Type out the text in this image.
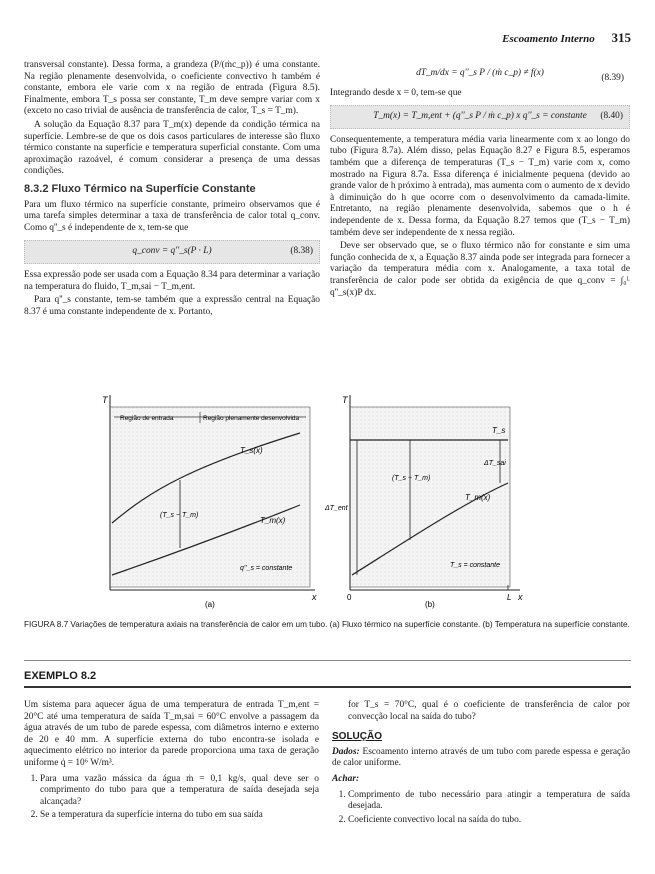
Escoamento Interno 315

transversal constante). Dessa forma, a grandeza (P/(ṁc_p)) é uma constante. Na região plenamente desenvolvida, o coeficiente convectivo h também é constante, embora ele varie com x na região de entrada (Figura 8.5). Finalmente, embora T_s possa ser constante, T_m deve sempre variar com x (exceto no caso trivial de ausência de transferência de calor, T_s = T_m).

A solução da Equação 8.37 para T_m(x) depende da condição térmica na superfície. Lembre-se de que os dois casos particulares de interesse são fluxo térmico constante na superfície e temperatura superficial constante. Com uma aproximação razoável, é comum considerar a presença de uma dessas condições.

8.3.2 Fluxo Térmico na Superfície Constante

Para um fluxo térmico na superfície constante, primeiro observamos que é uma tarefa simples determinar a taxa de transferência de calor total q_conv. Como q''_s é independente de x, tem-se que

q_conv = q''_s(P · L)	(8.38)

Essa expressão pode ser usada com a Equação 8.34 para determinar a variação na temperatura do fluido, T_m,sai − T_m,ent.

Para q''_s constante, tem-se também que a expressão central na Equação 8.37 é uma constante independente de x. Portanto,

dT_m/dx = q''_s P / (ṁ c_p) ≠ f(x)	(8.39)

Integrando desde x = 0, tem-se que

T_m(x) = T_m,ent + (q''_s P / ṁ c_p) x q''_s = constante (8.40)

Consequentemente, a temperatura média varia linearmente com x ao longo do tubo (Figura 8.7a). Além disso, pelas Equação 8.27 e Figura 8.5, esperamos também que a diferença de temperaturas (T_s − T_m) varie com x, como mostrado na Figura 8.7a. Essa diferença é inicialmente pequena (devido ao grande valor de h próximo à entrada), mas aumenta com o aumento de x devido à diminuição do h que ocorre com o desenvolvimento da camada-limite. Entretanto, na região plenamente desenvolvida, sabemos que o h é independente de x. Dessa forma, da Equação 8.27 temos que (T_s − T_m) também deve ser independente de x nessa região.

Deve ser observado que, se o fluxo térmico não for constante e sim uma função conhecida de x, a Equação 8.37 ainda pode ser integrada para fornecer a variação da temperatura média com x. Analogamente, a taxa total de transferência de calor pode ser obtida da exigência de que q_conv = ∫₀ᴸ q''_s(x)P dx.

T
x
Região de entrada	Região plenamente desenvolvida
T_s(x)
T_m(x)
(T_s − T_m)
q''_s = constante
(a)
T
x
T_s
T_m(x)
ΔT_ent
ΔT_sai
(T_s − T_m)
T_s = constante
0	L
(b)
FIGURA 8.7 Variações de temperatura axiais na transferência de calor em um tubo. (a) Fluxo térmico na superfície constante. (b) Temperatura na superfície constante.
EXEMPLO 8.2

Um sistema para aquecer água de uma temperatura de entrada T_m,ent = 20°C até uma temperatura de saída T_m,sai = 60°C envolve a passagem da água através de um tubo de parede espessa, com diâmetros interno e externo de 20 e 40 mm. A superfície externa do tubo encontra-se isolada e aquecimento elétrico no interior da parede proporciona uma taxa de geração uniforme q̇ = 10⁶ W/m³.

1. Para uma vazão mássica da água ṁ = 0,1 kg/s, qual deve ser o comprimento do tubo para que a temperatura de saída desejada seja alcançada?
2. Se a temperatura da superfície interna do tubo em sua saída

for T_s = 70°C, qual é o coeficiente de transferência de calor por convecção local na saída do tubo?

SOLUÇÃO

Dados: Escoamento interno através de um tubo com parede espessa e geração de calor uniforme.

Achar:
1. Comprimento de tubo necessário para atingir a temperatura de saída desejada.
2. Coeficiente convectivo local na saída do tubo.
